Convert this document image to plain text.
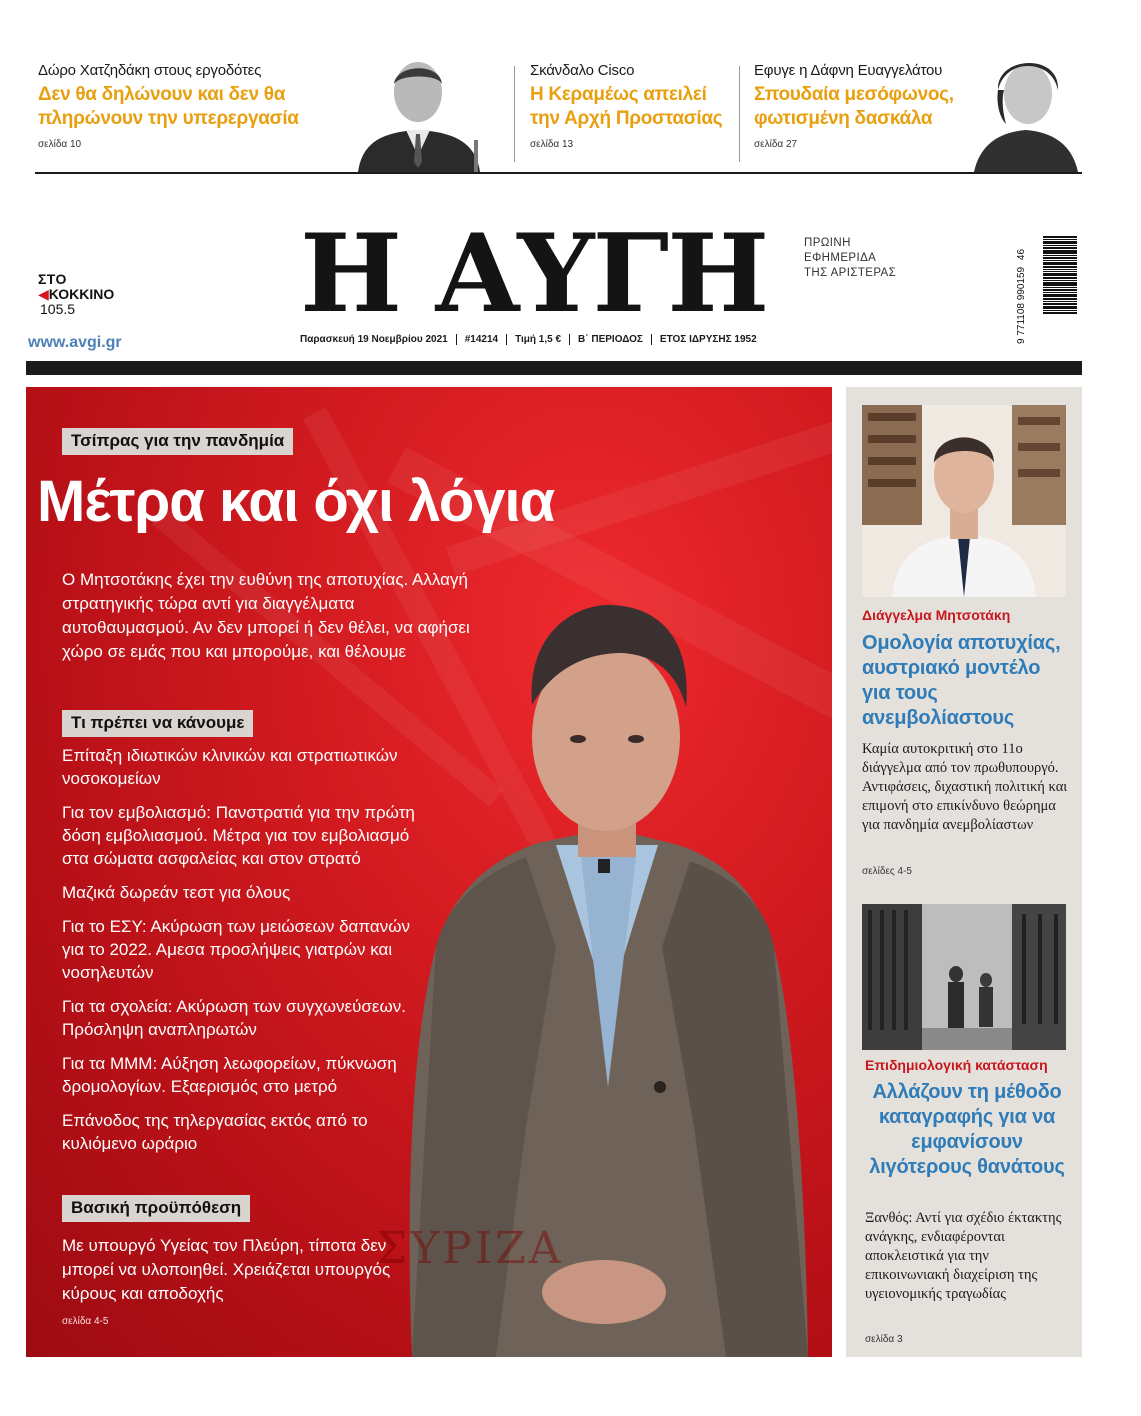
Δώρο Χατζηδάκη στους εργοδότες
Δεν θα δηλώνουν και δεν θα
πληρώνουν την υπερεργασία
σελίδα 10
Σκάνδαλο Cisco
Η Κεραμέως απειλεί
την Αρχή Προστασίας
σελίδα 13
Εφυγε η Δάφνη Ευαγγελάτου
Σπουδαία μεσόφωνος,
φωτισμένη δασκάλα
σελίδα 27
ΣΤΟ
◀ΚΟΚΚΙΝΟ
105.5
www.avgi.gr
Η ΑΥΓΗ	ΠΡΩΙΝΗ
ΕΦΗΜΕΡΙΔΑ
ΤΗΣ ΑΡΙΣΤΕΡΑΣ
Παρασκευή 19 Νοεμβρίου 2021	#14214	Τιμή 1,5 €	Β΄ ΠΕΡΙΟΔΟΣ	ΕΤΟΣ ΙΔΡΥΣΗΣ 1952	9 771108 990159 46
ΣΥΡΙΖΑ
Τσίπρας για την πανδημία
Μέτρα και όχι λόγια
Ο Μητσοτάκης έχει την ευθύνη της αποτυχίας. Αλλαγή στρατηγικής τώρα αντί για διαγγέλματα αυτοθαυμασμού. Αν δεν μπορεί ή δεν θέλει, να αφήσει χώρο σε εμάς που και μπορούμε, και θέλουμε
Τι πρέπει να κάνουμε
Επίταξη ιδιωτικών κλινικών και στρατιωτικών νοσοκομείων
Για τον εμβολιασμό: Πανστρατιά για την πρώτη δόση εμβολιασμού. Μέτρα για τον εμβολιασμό στα σώματα ασφαλείας και στον στρατό
Μαζικά δωρεάν τεστ για όλους
Για το ΕΣΥ: Ακύρωση των μειώσεων δαπανών για το 2022. Αμεσα προσλήψεις γιατρών και νοσηλευτών
Για τα σχολεία: Ακύρωση των συγχωνεύσεων. Πρόσληψη αναπληρωτών
Για τα ΜΜΜ: Αύξηση λεωφορείων, πύκνωση δρομολογίων. Εξαερισμός στο μετρό
Επάνοδος της τηλεργασίας εκτός από το κυλιόμενο ωράριο
Βασική προϋπόθεση
Με υπουργό Υγείας τον Πλεύρη, τίποτα δεν μπορεί να υλοποιηθεί. Χρειάζεται υπουργός κύρους και αποδοχής
σελίδα 4-5
Διάγγελμα Μητσοτάκη
Ομολογία αποτυχίας, αυστριακό μοντέλο για τους ανεμβολίαστους
Καμία αυτοκριτική στο 11ο διάγγελμα από τον πρωθυπουργό. Αντιφάσεις, διχαστική πολιτική και επιμονή στο επικίνδυνο θεώρημα για πανδημία ανεμβολίαστων
σελίδες 4-5
Επιδημιολογική κατάσταση
Αλλάζουν τη μέθοδο καταγραφής για να εμφανίσουν λιγότερους θανάτους
Ξανθός: Αντί για σχέδιο έκτακτης ανάγκης, ενδιαφέρονται αποκλειστικά για την επικοινωνιακή διαχείριση της υγειονομικής τραγωδίας
σελίδα 3
